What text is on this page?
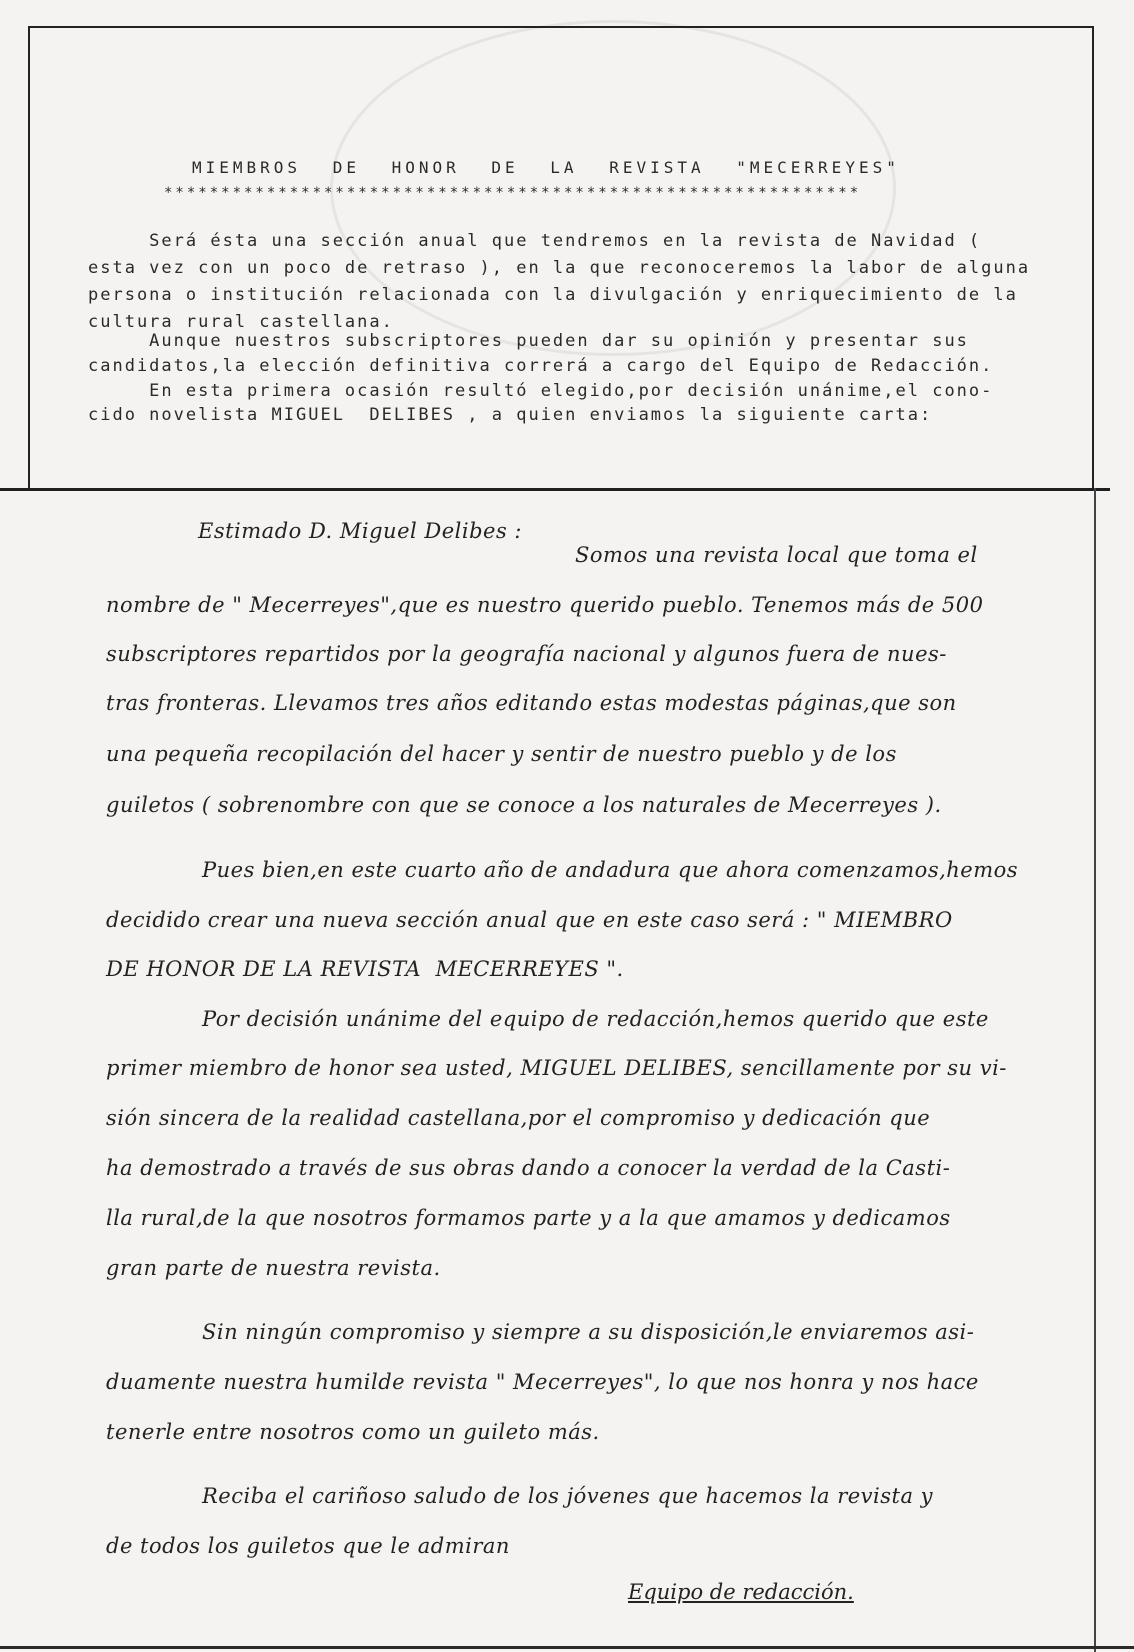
MIEMBROS DE HONOR DE LA REVISTA "MECERREYES"
*************************************************************
Será ésta una sección anual que tendremos en la revista de Navidad (
esta vez con un poco de retraso ), en la que reconoceremos la labor de alguna
persona o institución relacionada con la divulgación y enriquecimiento de la
cultura rural castellana.
Aunque nuestros subscriptores pueden dar su opinión y presentar sus
candidatos,la elección definitiva correrá a cargo del Equipo de Redacción.
En esta primera ocasión resultó elegido,por decisión unánime,el cono-
cido novelista MIGUEL  DELIBES , a quien enviamos la siguiente carta:
Estimado D. Miguel Delibes :
Somos una revista local que toma el
nombre de " Mecerreyes",que es nuestro querido pueblo. Tenemos más de 500
subscriptores repartidos por la geografía nacional y algunos fuera de nues-
tras fronteras. Llevamos tres años editando estas modestas páginas,que son
una pequeña recopilación del hacer y sentir de nuestro pueblo y de los
guiletos ( sobrenombre con que se conoce a los naturales de Mecerreyes ).
Pues bien,en este cuarto año de andadura que ahora comenzamos,hemos
decidido crear una nueva sección anual que en este caso será : " MIEMBRO
DE HONOR DE LA REVISTA  MECERREYES ".
Por decisión unánime del equipo de redacción,hemos querido que este
primer miembro de honor sea usted, MIGUEL DELIBES, sencillamente por su vi-
sión sincera de la realidad castellana,por el compromiso y dedicación que
ha demostrado a través de sus obras dando a conocer la verdad de la Casti-
lla rural,de la que nosotros formamos parte y a la que amamos y dedicamos
gran parte de nuestra revista.
Sin ningún compromiso y siempre a su disposición,le enviaremos asi-
duamente nuestra humilde revista " Mecerreyes", lo que nos honra y nos hace
tenerle entre nosotros como un guileto más.
Reciba el cariñoso saludo de los jóvenes que hacemos la revista y
de todos los guiletos que le admiran
Equipo de redacción.
